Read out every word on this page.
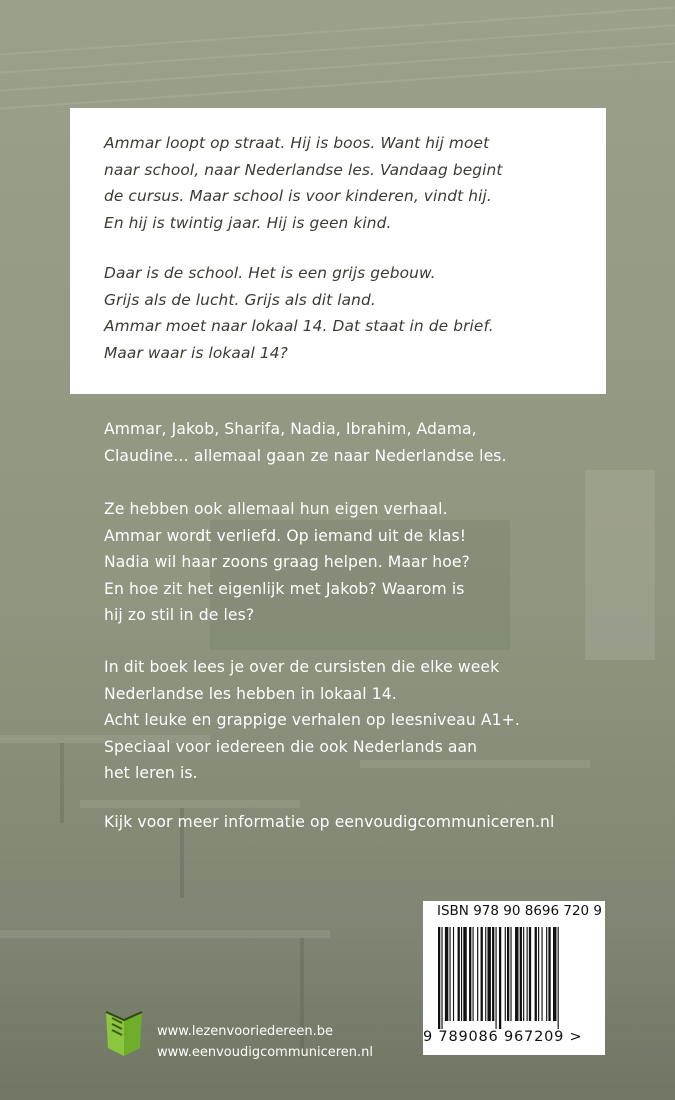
Ammar loopt op straat. Hij is boos. Want hij moet
naar school, naar Nederlandse les. Vandaag begint
de cursus. Maar school is voor kinderen, vindt hij.
En hij is twintig jaar. Hij is geen kind.

Daar is de school. Het is een grijs gebouw.
Grijs als de lucht. Grijs als dit land.
Ammar moet naar lokaal 14. Dat staat in de brief.
Maar waar is lokaal 14?

Ammar, Jakob, Sharifa, Nadia, Ibrahim, Adama,
Claudine… allemaal gaan ze naar Nederlandse les.

Ze hebben ook allemaal hun eigen verhaal.
Ammar wordt verliefd. Op iemand uit de klas!
Nadia wil haar zoons graag helpen. Maar hoe?
En hoe zit het eigenlijk met Jakob? Waarom is
hij zo stil in de les?

In dit boek lees je over de cursisten die elke week
Nederlandse les hebben in lokaal 14.
Acht leuke en grappige verhalen op leesniveau A1+.
Speciaal voor iedereen die ook Nederlands aan
het leren is.

Kijk voor meer informatie op eenvoudigcommuniceren.nl

ISBN 978 90 8696 720 9
9 789086 967209 >
www.lezenvooriedereen.be
www.eenvoudigcommuniceren.nl
